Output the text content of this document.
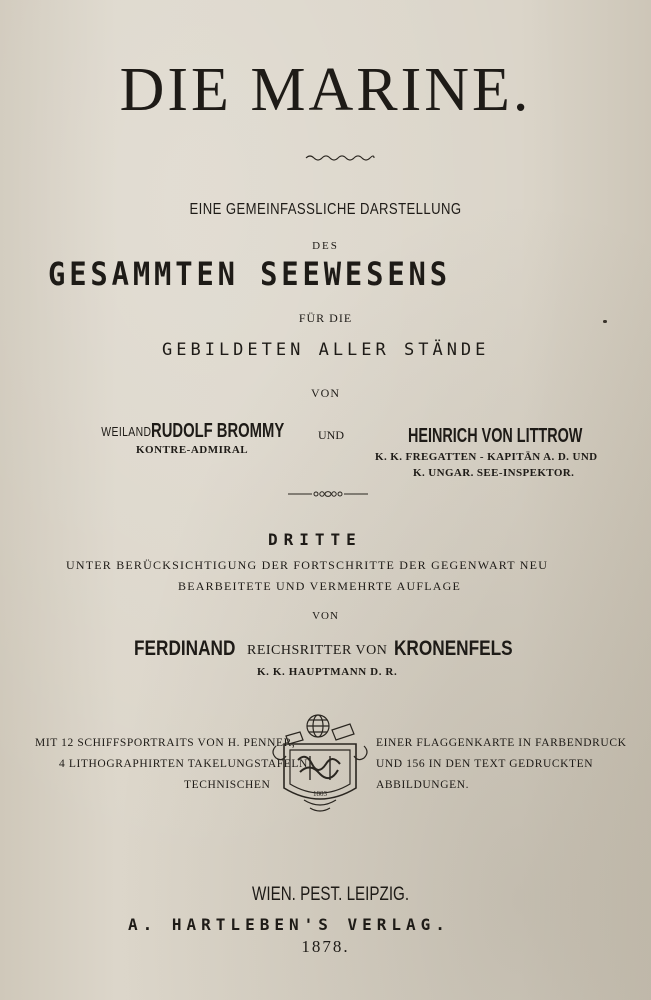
DIE MARINE.
EINE GEMEINFASSLICHE DARSTELLUNG
DES
GESAMMTEN SEEWESENS
FÜR DIE
GEBILDETEN ALLER STÄNDE
VON
WEILAND RUDOLF BROMMY
KONTRE-ADMIRAL
UND	HEINRICH VON LITTROW
K. K. FREGATTEN - KAPITÄN A. D. UND
K. UNGAR. SEE-INSPEKTOR.
DRITTE
UNTER BERÜCKSICHTIGUNG DER FORTSCHRITTE DER GEGENWART NEU
BEARBEITETE UND VERMEHRTE AUFLAGE
VON
FERDINAND REICHSRITTER VON KRONENFELS
K. K. HAUPTMANN D. R.
MIT 12 SCHIFFSPORTRAITS VON H. PENNER,
4 LITHOGRAPHIRTEN TAKELUNGSTAFELN
TECHNISCHEN
EINER FLAGGENKARTE IN FARBENDRUCK
UND 156 IN DEN TEXT GEDRUCKTEN
ABBILDUNGEN.
1803
WIEN. PEST. LEIPZIG.
A. HARTLEBEN'S VERLAG.
1878.
